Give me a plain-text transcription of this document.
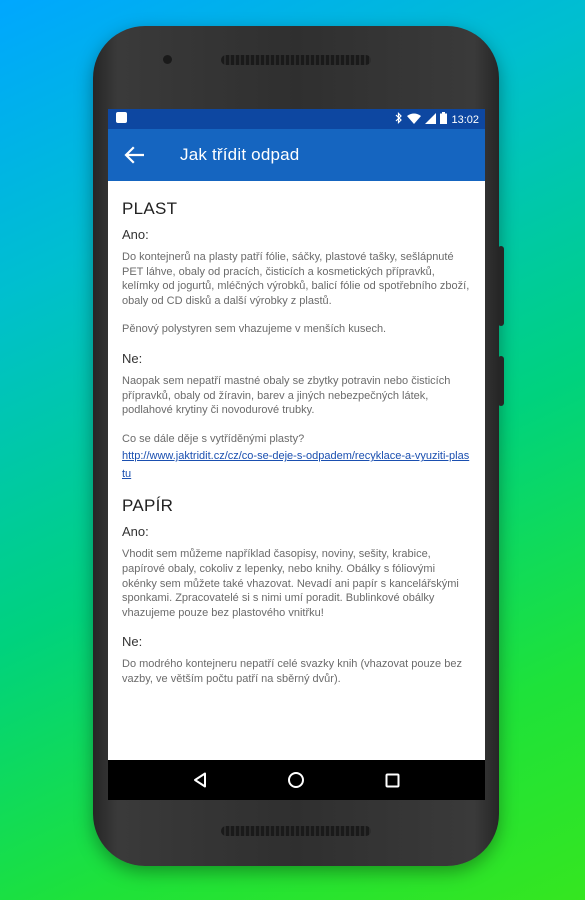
13:02
Jak třídit odpad
PLAST
Ano:

Do kontejnerů na plasty patří fólie, sáčky, plastové tašky, sešlápnuté PET láhve, obaly od pracích, čisticích a kosmetických přípravků, kelímky od jogurtů, mléčných výrobků, balicí fólie od spotřebního zboží, obaly od CD disků a další výrobky z plastů.

Pěnový polystyren sem vhazujeme v menších kusech.

Ne:

Naopak sem nepatří mastné obaly se zbytky potravin nebo čisticích přípravků, obaly od žíravin, barev a jiných nebezpečných látek, podlahové krytiny či novodurové trubky.

Co se dále děje s vytříděnými plasty?
http://www.jaktridit.cz/cz/co-se-deje-s-odpadem/recyklace-a-vyuziti-plastu
PAPÍR
Ano:

Vhodit sem můžeme například časopisy, noviny, sešity, krabice, papírové obaly, cokoliv z lepenky, nebo knihy. Obálky s fóliovými okénky sem můžete také vhazovat. Nevadí ani papír s kancelářskými sponkami. Zpracovatelé si s nimi umí poradit. Bublinkové obálky vhazujeme pouze bez plastového vnitřku!

Ne:

Do modrého kontejneru nepatří celé svazky knih (vhazovat pouze bez vazby, ve větším počtu patří na sběrný dvůr).
